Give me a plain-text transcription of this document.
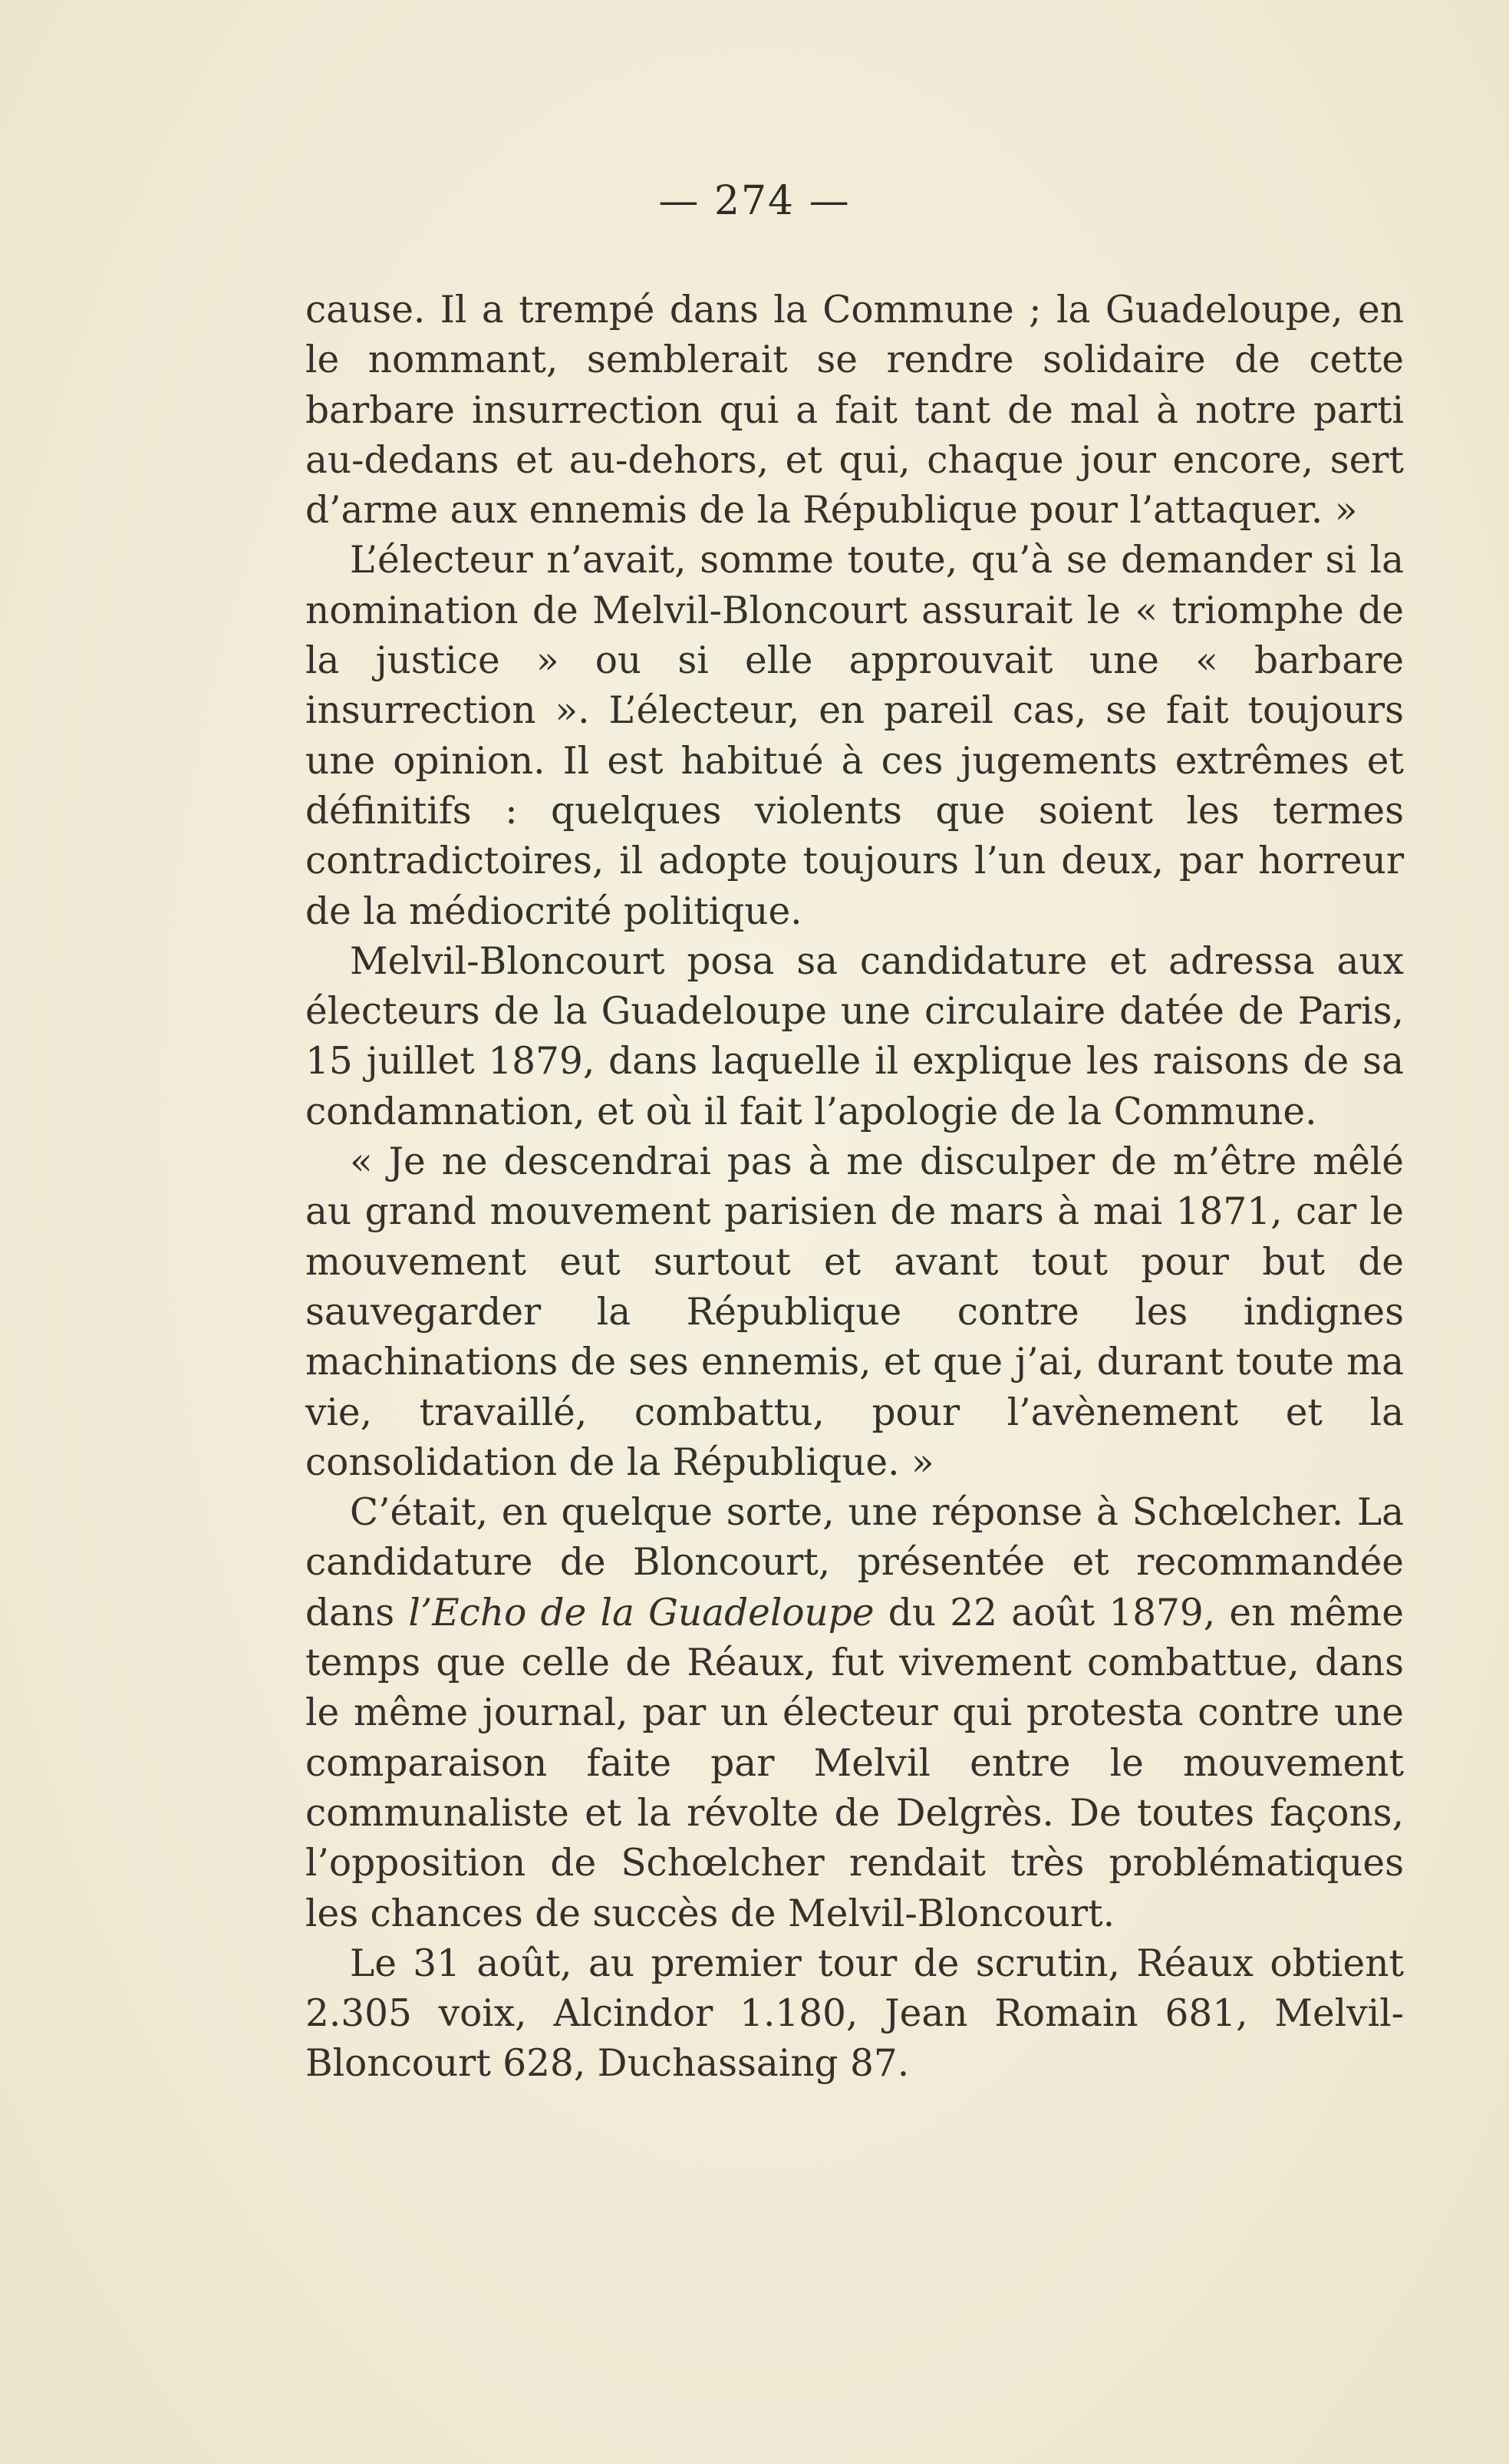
— 274 —

cause. Il a trempé dans la Commune ; la Guadeloupe, en le nommant, semblerait se rendre solidaire de cette barbare insurrection qui a fait tant de mal à notre parti au-dedans et au-dehors, et qui, chaque jour encore, sert d’arme aux ennemis de la République pour l’attaquer. »

L’électeur n’avait, somme toute, qu’à se demander si la nomination de Melvil-Bloncourt assurait le « triomphe de la justice » ou si elle approuvait une « barbare insurrection ». L’électeur, en pareil cas, se fait toujours une opinion. Il est habitué à ces jugements extrêmes et définitifs : quelques violents que soient les termes contradictoires, il adopte toujours l’un deux, par horreur de la médiocrité politique.

Melvil-Bloncourt posa sa candidature et adressa aux électeurs de la Guadeloupe une circulaire datée de Paris, 15 juillet 1879, dans laquelle il explique les raisons de sa condamnation, et où il fait l’apologie de la Commune.

« Je ne descendrai pas à me disculper de m’être mêlé au grand mouvement parisien de mars à mai 1871, car le mouvement eut surtout et avant tout pour but de sauvegarder la République contre les indignes machinations de ses ennemis, et que j’ai, durant toute ma vie, travaillé, combattu, pour l’avènement et la consolidation de la République. »

C’était, en quelque sorte, une réponse à Schœlcher. La candidature de Bloncourt, présentée et recommandée dans l’Echo de la Guadeloupe du 22 août 1879, en même temps que celle de Réaux, fut vivement combattue, dans le même journal, par un électeur qui protesta contre une comparaison faite par Melvil entre le mouvement communaliste et la révolte de Delgrès. De toutes façons, l’opposition de Schœlcher rendait très problématiques les chances de succès de Melvil-Bloncourt.

Le 31 août, au premier tour de scrutin, Réaux obtient 2.305 voix, Alcindor 1.180, Jean Romain 681, Melvil-Bloncourt 628, Duchassaing 87.
